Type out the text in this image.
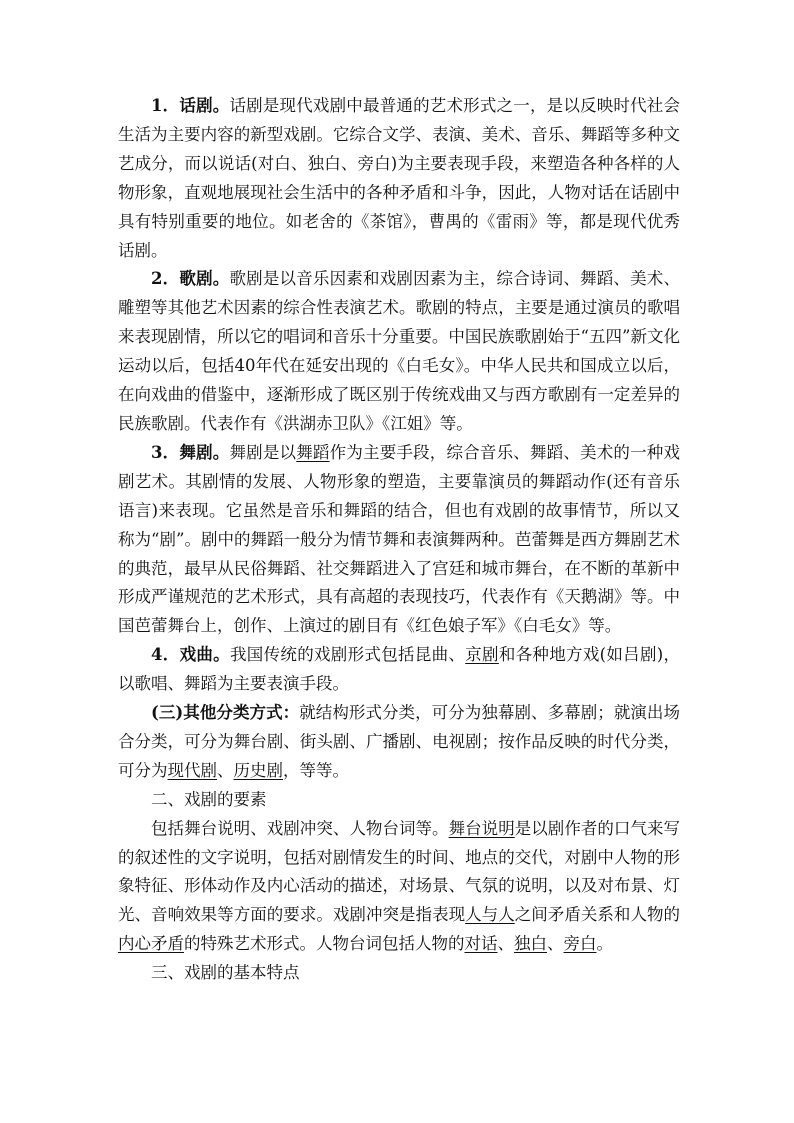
1．话剧。话剧是现代戏剧中最普通的艺术形式之一，是以反映时代社会生活为主要内容的新型戏剧。它综合文学、表演、美术、音乐、舞蹈等多种文艺成分，而以说话(对白、独白、旁白)为主要表现手段，来塑造各种各样的人物形象，直观地展现社会生活中的各种矛盾和斗争，因此，人物对话在话剧中具有特别重要的地位。如老舍的《茶馆》，曹禺的《雷雨》等，都是现代优秀话剧。

2．歌剧。歌剧是以音乐因素和戏剧因素为主，综合诗词、舞蹈、美术、雕塑等其他艺术因素的综合性表演艺术。歌剧的特点，主要是通过演员的歌唱来表现剧情，所以它的唱词和音乐十分重要。中国民族歌剧始于“五四”新文化运动以后，包括40年代在延安出现的《白毛女》。中华人民共和国成立以后，在向戏曲的借鉴中，逐渐形成了既区别于传统戏曲又与西方歌剧有一定差异的民族歌剧。代表作有《洪湖赤卫队》《江姐》等。

3．舞剧。舞剧是以舞蹈作为主要手段，综合音乐、舞蹈、美术的一种戏剧艺术。其剧情的发展、人物形象的塑造，主要靠演员的舞蹈动作(还有音乐语言)来表现。它虽然是音乐和舞蹈的结合，但也有戏剧的故事情节，所以又称为“剧”。剧中的舞蹈一般分为情节舞和表演舞两种。芭蕾舞是西方舞剧艺术的典范，最早从民俗舞蹈、社交舞蹈进入了宫廷和城市舞台，在不断的革新中形成严谨规范的艺术形式，具有高超的表现技巧，代表作有《天鹅湖》等。中国芭蕾舞台上，创作、上演过的剧目有《红色娘子军》《白毛女》等。

4．戏曲。我国传统的戏剧形式包括昆曲、京剧和各种地方戏(如吕剧)，以歌唱、舞蹈为主要表演手段。

(三)其他分类方式：就结构形式分类，可分为独幕剧、多幕剧；就演出场合分类，可分为舞台剧、街头剧、广播剧、电视剧；按作品反映的时代分类，可分为现代剧、历史剧，等等。

二、戏剧的要素

包括舞台说明、戏剧冲突、人物台词等。舞台说明是以剧作者的口气来写的叙述性的文字说明，包括对剧情发生的时间、地点的交代，对剧中人物的形象特征、形体动作及内心活动的描述，对场景、气氛的说明，以及对布景、灯光、音响效果等方面的要求。戏剧冲突是指表现人与人之间矛盾关系和人物的内心矛盾的特殊艺术形式。人物台词包括人物的对话、独白、旁白。

三、戏剧的基本特点
